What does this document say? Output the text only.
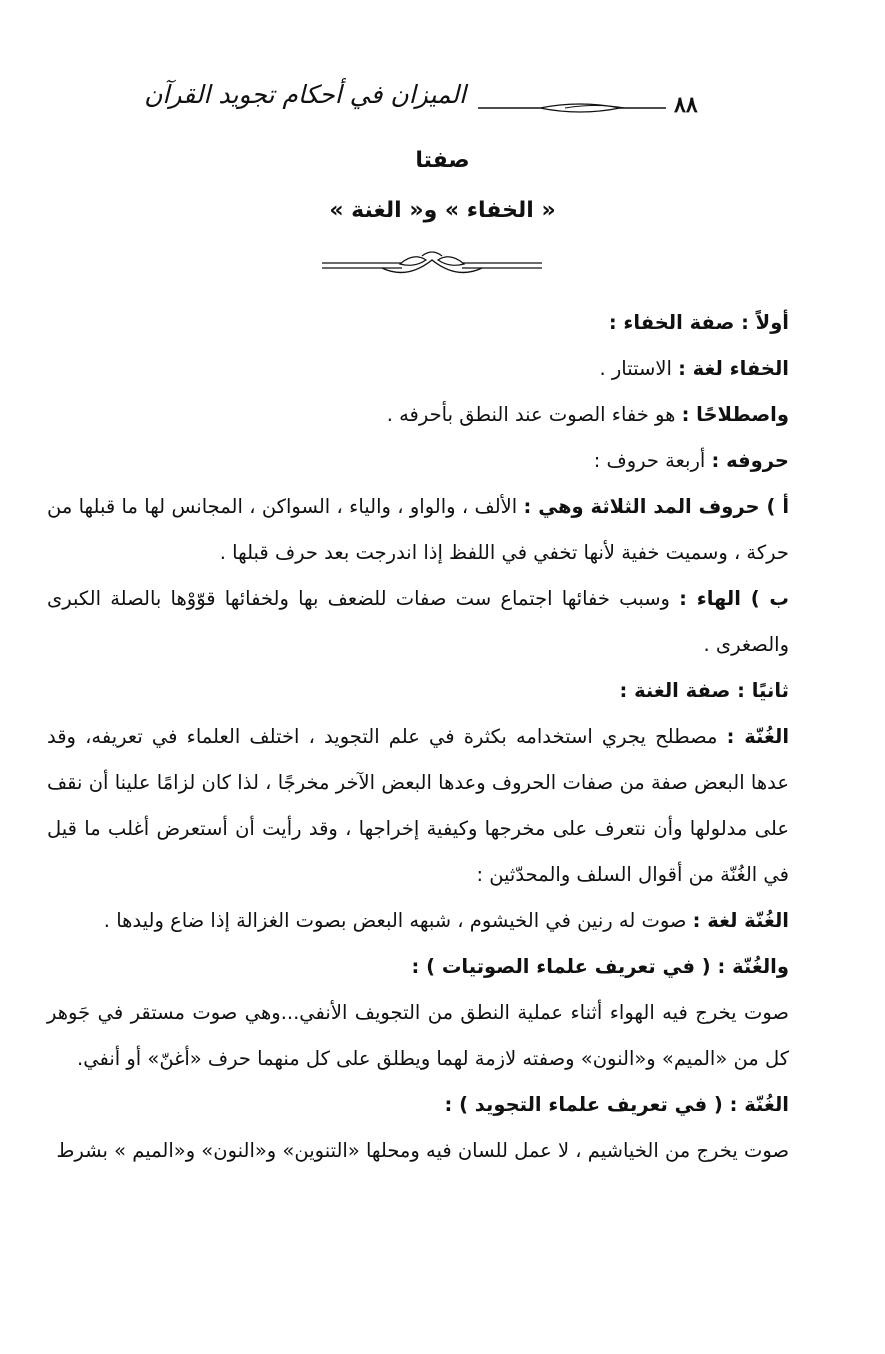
الميزان في أحكام تجويد القرآن	٨٨
صفتا
« الخفاء » و« الغنة »

أولاً : صفة الخفاء :

الخفاء لغة : الاستتار .

واصطلاحًا : هو خفاء الصوت عند النطق بأحرفه .

حروفه : أربعة حروف :

أ ) حروف المد الثلاثة وهي : الألف ، والواو ، والياء ، السواكن ، المجانس لها ما قبلها من حركة ، وسميت خفية لأنها تخفي في اللفظ إذا اندرجت بعد حرف قبلها .

ب ) الهاء : وسبب خفائها اجتماع ست صفات للضعف بها ولخفائها قوّوْها بالصلة الكبرى والصغرى .

ثانيًا : صفة الغنة :

الغُنّة : مصطلح يجري استخدامه بكثرة في علم التجويد ، اختلف العلماء في تعريفه، وقد عدها البعض صفة من صفات الحروف وعدها البعض الآخر مخرجًا ، لذا كان لزامًا علينا أن نقف على مدلولها وأن نتعرف على مخرجها وكيفية إخراجها ، وقد رأيت أن أستعرض أغلب ما قيل في الغُنّة من أقوال السلف والمحدّثين :

الغُنّة لغة : صوت له رنين في الخيشوم ، شبهه البعض بصوت الغزالة إذا ضاع وليدها .

والغُنّة : ( في تعريف علماء الصوتيات ) :

صوت يخرج فيه الهواء أثناء عملية النطق من التجويف الأنفي...وهي صوت مستقر في جَوهر كل من «الميم» و«النون» وصفته لازمة لهما ويطلق على كل منهما حرف «أغنّ» أو أنفي.

الغُنّة : ( في تعريف علماء التجويد ) :

صوت يخرج من الخياشيم ، لا عمل للسان فيه ومحلها «التنوين» و«النون» و«الميم » بشرط
